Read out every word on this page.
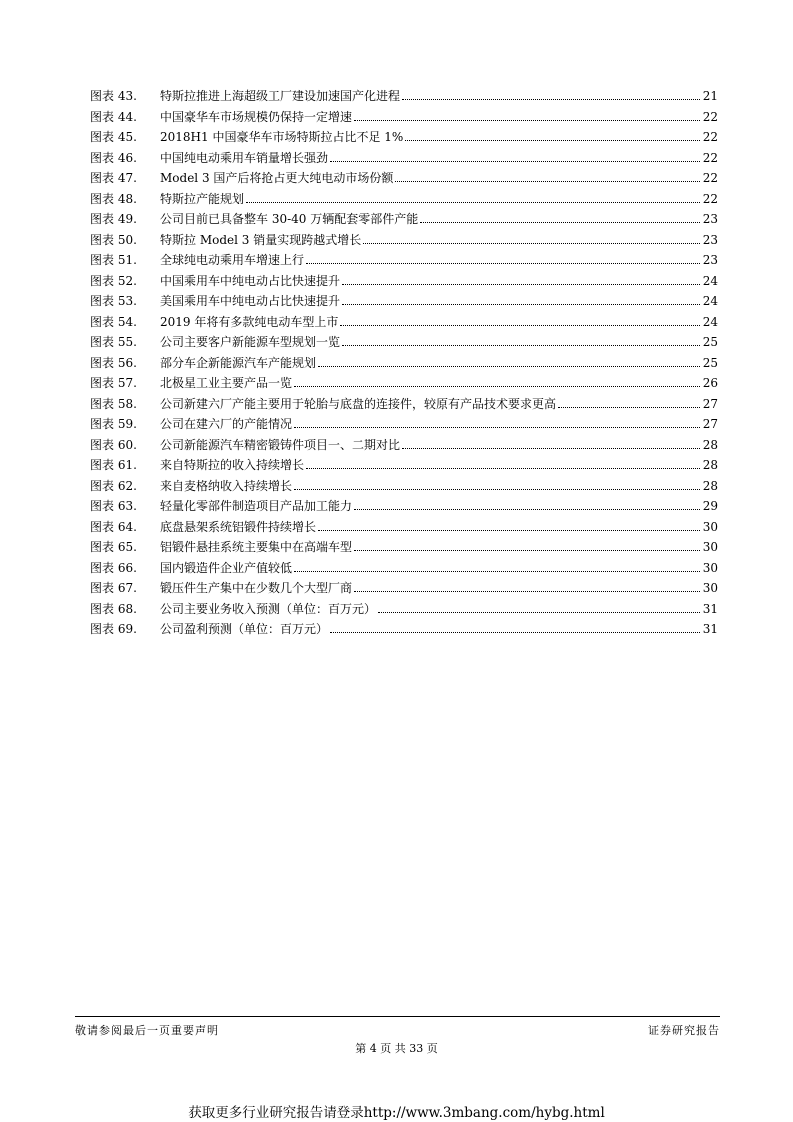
图表 43.	特斯拉推进上海超级工厂建设加速国产化进程	21
图表 44.	中国豪华车市场规模仍保持一定增速	22
图表 45.	2018H1 中国豪华车市场特斯拉占比不足 1%	22
图表 46.	中国纯电动乘用车销量增长强劲	22
图表 47.	Model 3 国产后将抢占更大纯电动市场份额	22
图表 48.	特斯拉产能规划	22
图表 49.	公司目前已具备整车 30-40 万辆配套零部件产能	23
图表 50.	特斯拉 Model 3 销量实现跨越式增长	23
图表 51.	全球纯电动乘用车增速上行	23
图表 52.	中国乘用车中纯电动占比快速提升	24
图表 53.	美国乘用车中纯电动占比快速提升	24
图表 54.	2019 年将有多款纯电动车型上市	24
图表 55.	公司主要客户新能源车型规划一览	25
图表 56.	部分车企新能源汽车产能规划	25
图表 57.	北极星工业主要产品一览	26
图表 58.	公司新建六厂产能主要用于轮胎与底盘的连接件，较原有产品技术要求更高	27
图表 59.	公司在建六厂的产能情况	27
图表 60.	公司新能源汽车精密锻铸件项目一、二期对比	28
图表 61.	来自特斯拉的收入持续增长	28
图表 62.	来自麦格纳收入持续增长	28
图表 63.	轻量化零部件制造项目产品加工能力	29
图表 64.	底盘悬架系统铝锻件持续增长	30
图表 65.	铝锻件悬挂系统主要集中在高端车型	30
图表 66.	国内锻造件企业产值较低	30
图表 67.	锻压件生产集中在少数几个大型厂商	30
图表 68.	公司主要业务收入预测（单位：百万元）	31
图表 69.	公司盈利预测（单位：百万元）	31
敬请参阅最后一页重要声明	证券研究报告
第 4 页 共 33 页
获取更多行业研究报告请登录http://www.3mbang.com/hybg.html
